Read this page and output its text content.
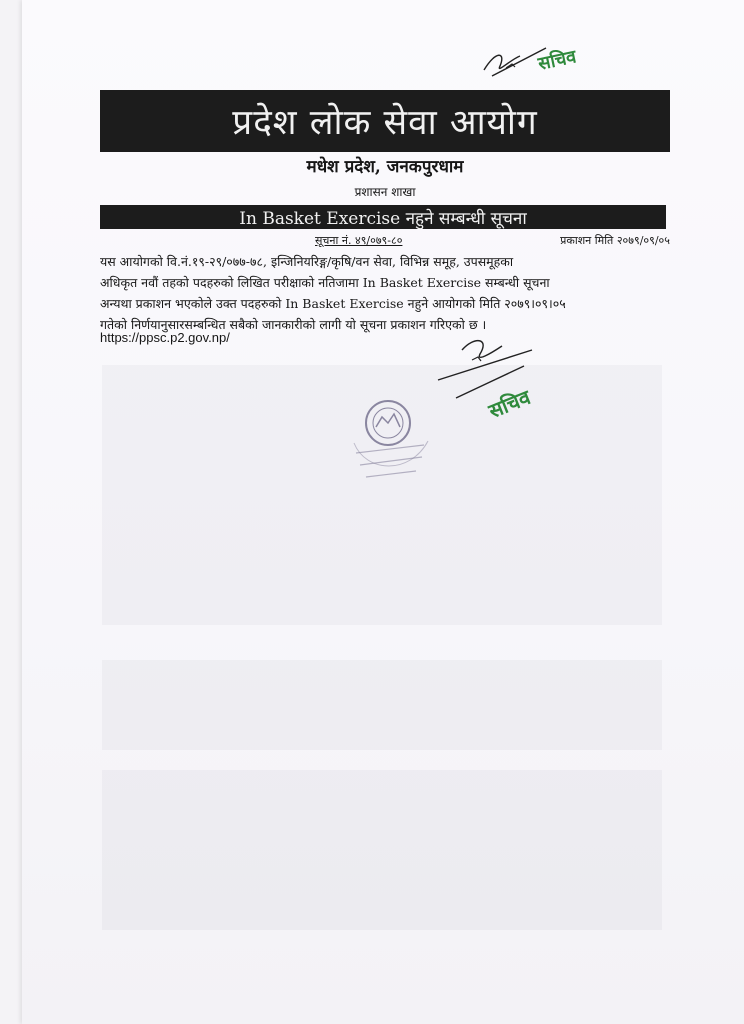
सचिव
प्रदेश लोक सेवा आयोग
मधेश प्रदेश, जनकपुरधाम
प्रशासन शाखा
In Basket Exercise नहुने सम्बन्धी सूचना
सूचना नं. ४९/०७९-८०	प्रकाशन मिति २०७९/०९/०५
यस आयोगको वि.नं.१९-२९/०७७-७८, इन्जिनियरिङ्ग/कृषि/वन सेवा, विभिन्न समूह, उपसमूहका
अधिकृत नवौं तहको पदहरुको लिखित परीक्षाको नतिजामा In Basket Exercise सम्बन्धी सूचना
अन्यथा प्रकाशन भएकोले उक्त पदहरुको In Basket Exercise नहुने आयोगको मिति २०७९।०९।०५
गतेको निर्णयानुसारसम्बन्धित सबैको जानकारीको लागी यो सूचना प्रकाशन गरिएको छ ।
https://ppsc.p2.gov.np/
सचिव
